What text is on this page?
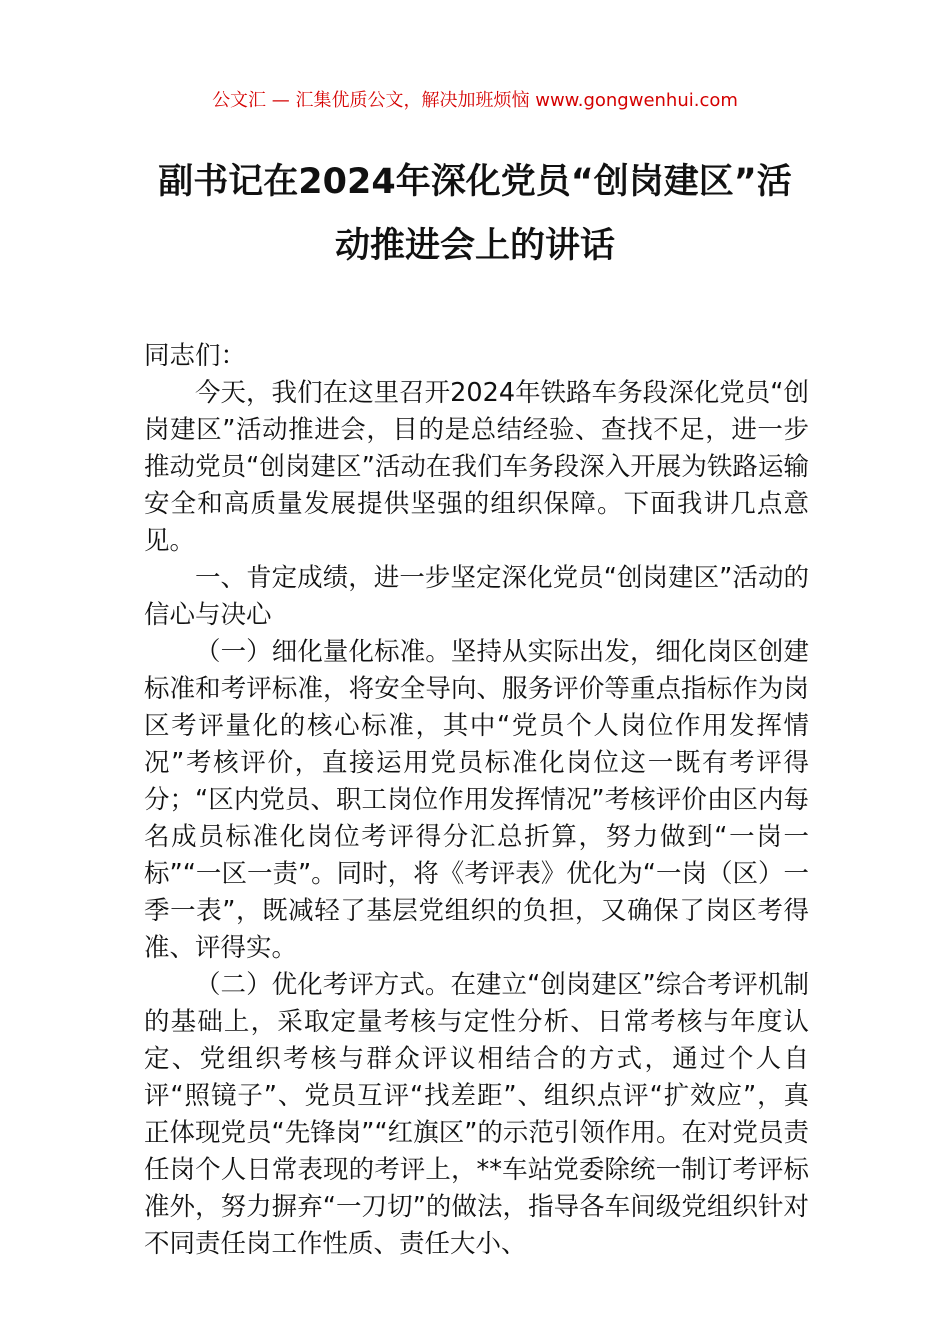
公文汇 — 汇集优质公文，解决加班烦恼 www.gongwenhui.com
副书记在2024年深化党员“创岗建区”活
动推进会上的讲话

同志们：

今天，我们在这里召开2024年铁路车务段深化党员“创岗建区”活动推进会，目的是总结经验、查找不足，进一步推动党员“创岗建区”活动在我们车务段深入开展为铁路运输安全和高质量发展提供坚强的组织保障。下面我讲几点意见。

一、肯定成绩，进一步坚定深化党员“创岗建区”活动的信心与决心

（一）细化量化标准。坚持从实际出发，细化岗区创建标准和考评标准，将安全导向、服务评价等重点指标作为岗区考评量化的核心标准，其中“党员个人岗位作用发挥情况”考核评价，直接运用党员标准化岗位这一既有考评得分；“区内党员、职工岗位作用发挥情况”考核评价由区内每名成员标准化岗位考评得分汇总折算，努力做到“一岗一标”“一区一责”。同时，将《考评表》优化为“一岗（区）一季一表”，既减轻了基层党组织的负担，又确保了岗区考得准、评得实。

（二）优化考评方式。在建立“创岗建区”综合考评机制的基础上，采取定量考核与定性分析、日常考核与年度认定、党组织考核与群众评议相结合的方式，通过个人自评“照镜子”、党员互评“找差距”、组织点评“扩效应”，真正体现党员“先锋岗”“红旗区”的示范引领作用。在对党员责任岗个人日常表现的考评上，**车站党委除统一制订考评标准外，努力摒弃“一刀切”的做法，指导各车间级党组织针对不同责任岗工作性质、责任大小、
